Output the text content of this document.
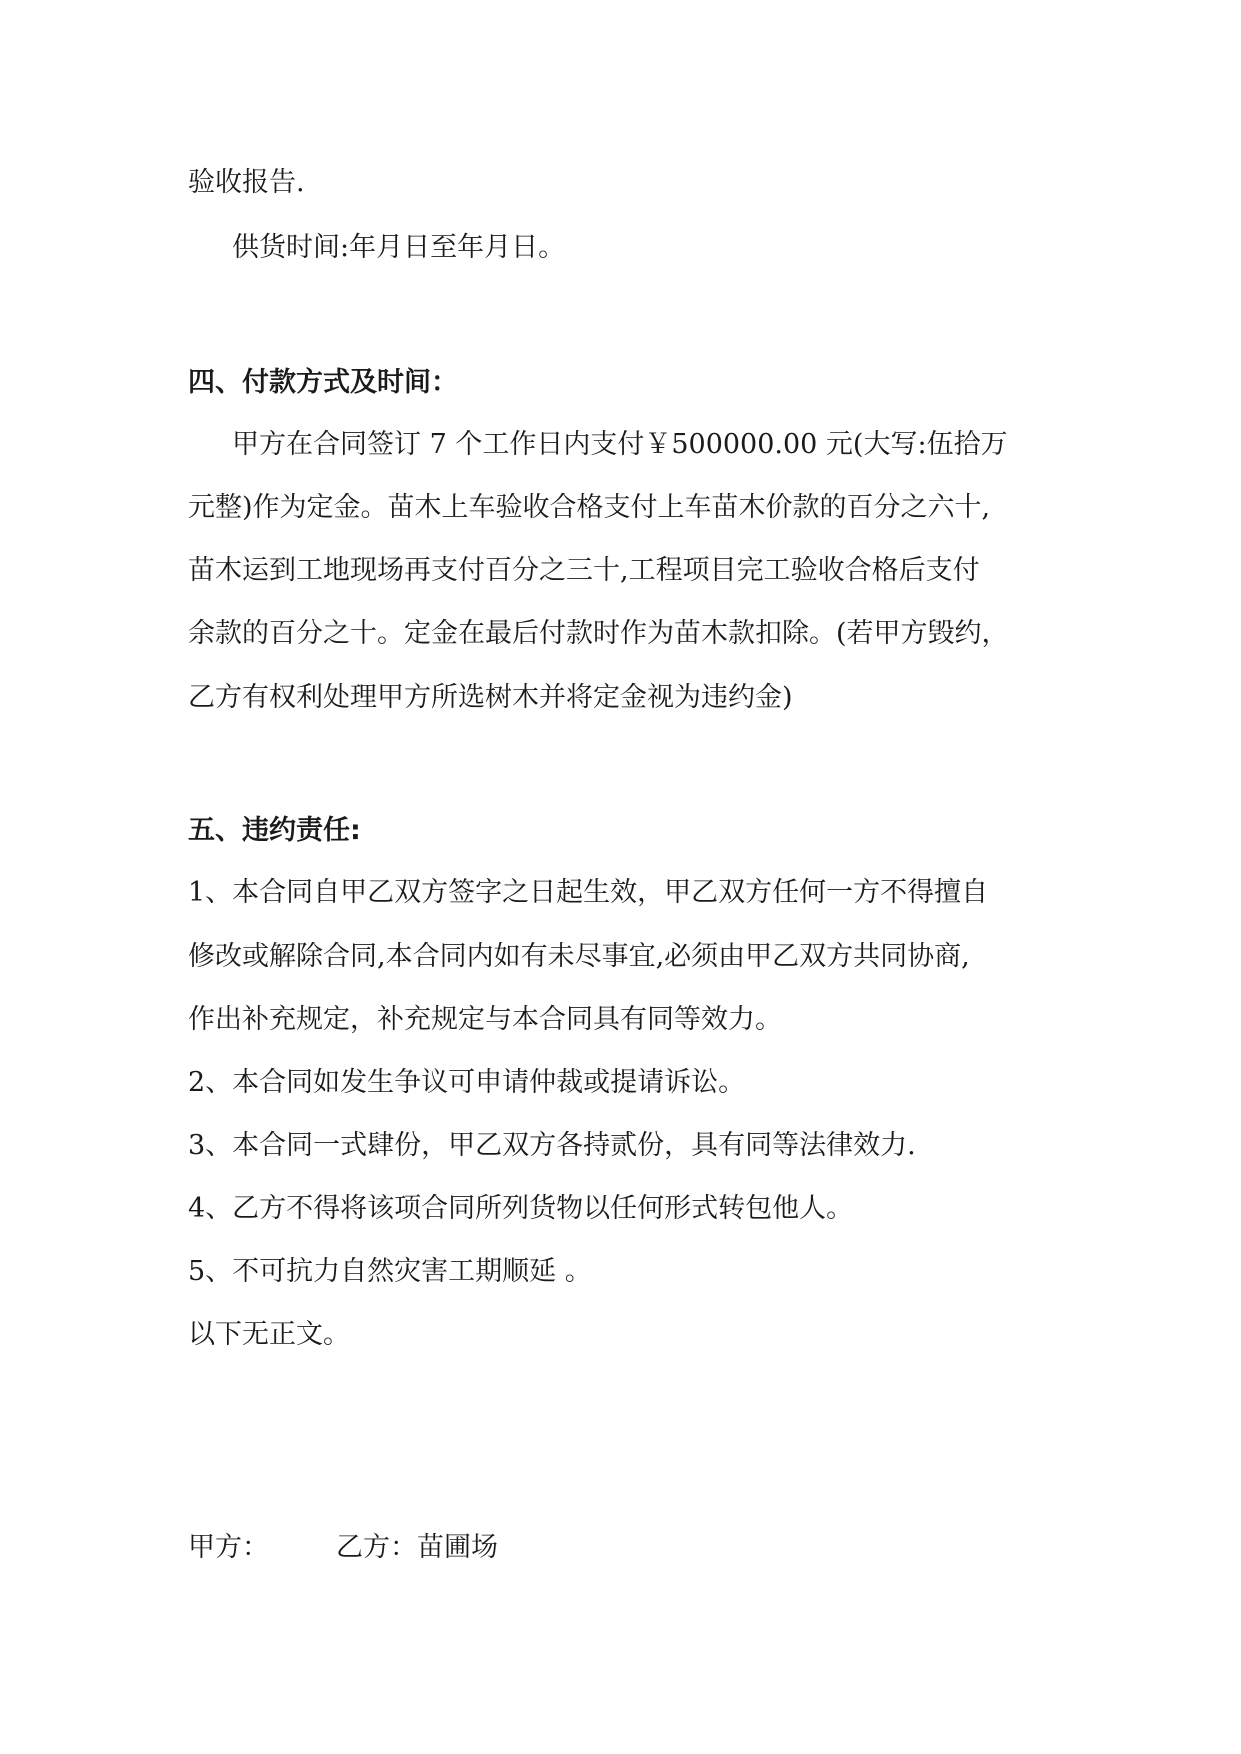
验收报告.
供货时间:年月日至年月日。
四、付款方式及时间：
甲方在合同签订 7 个工作日内支付￥500000.00 元(大写:伍拾万
元整)作为定金。苗木上车验收合格支付上车苗木价款的百分之六十,
苗木运到工地现场再支付百分之三十,工程项目完工验收合格后支付
余款的百分之十。定金在最后付款时作为苗木款扣除。(若甲方毁约，
乙方有权利处理甲方所选树木并将定金视为违约金)
五、违约责任:
1、本合同自甲乙双方签字之日起生效，甲乙双方任何一方不得擅自
修改或解除合同,本合同内如有未尽事宜,必须由甲乙双方共同协商,
作出补充规定，补充规定与本合同具有同等效力。
2、本合同如发生争议可申请仲裁或提请诉讼。
3、本合同一式肆份，甲乙双方各持贰份，具有同等法律效力.
4、乙方不得将该项合同所列货物以任何形式转包他人。
5、不可抗力自然灾害工期顺延 。
以下无正文。
甲方： 乙方：苗圃场
